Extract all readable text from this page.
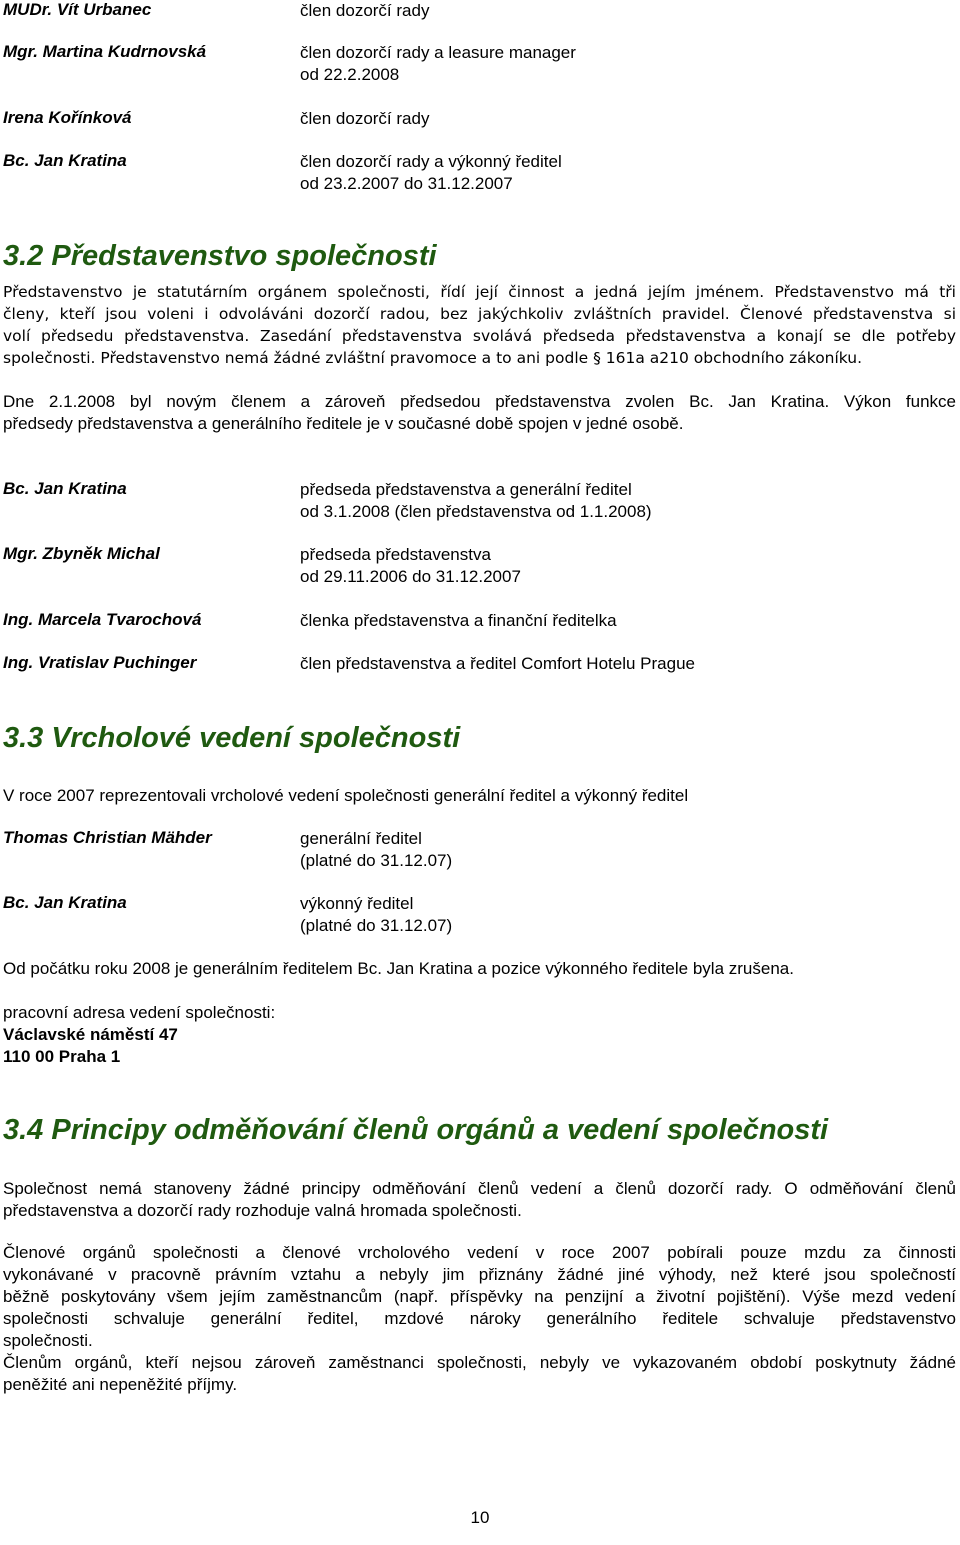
MUDr. Vít Urbanec	člen dozorčí rady
Mgr. Martina Kudrnovská	člen dozorčí rady a leasure manager
od 22.2.2008
Irena Kořínková	člen dozorčí rady
Bc. Jan Kratina	člen dozorčí rady a výkonný ředitel
od 23.2.2007 do 31.12.2007
3.2 Představenstvo společnosti
Představenstvo je statutárním orgánem společnosti, řídí její činnost a jedná jejím jménem. Představenstvo má tři
členy, kteří jsou voleni i odvoláváni dozorčí radou, bez jakýchkoliv zvláštních pravidel. Členové představenstva si
volí předsedu představenstva. Zasedání představenstva svolává předseda představenstva a konají se dle potřeby
společnosti. Představenstvo nemá žádné zvláštní pravomoce a to ani podle § 161a a210 obchodního zákoníku.
Dne 2.1.2008 byl novým členem a zároveň předsedou představenstva zvolen Bc. Jan Kratina. Výkon funkce
předsedy představenstva a generálního ředitele je v současné době spojen v jedné osobě.
Bc. Jan Kratina	předseda představenstva a generální ředitel
od 3.1.2008 (člen představenstva od 1.1.2008)
Mgr. Zbyněk Michal	předseda představenstva
od 29.11.2006 do 31.12.2007
Ing. Marcela Tvarochová	členka představenstva a finanční ředitelka
Ing. Vratislav Puchinger	člen představenstva a ředitel Comfort Hotelu Prague
3.3 Vrcholové vedení společnosti
V roce 2007 reprezentovali vrcholové vedení společnosti generální ředitel a výkonný ředitel
Thomas Christian Mähder	generální ředitel
(platné do 31.12.07)
Bc. Jan Kratina	výkonný ředitel
(platné do 31.12.07)
Od počátku roku 2008 je generálním ředitelem Bc. Jan Kratina a pozice výkonného ředitele byla zrušena.
pracovní adresa vedení společnosti:
Václavské náměstí 47
110 00 Praha 1
3.4 Principy odměňování členů orgánů a vedení společnosti
Společnost nemá stanoveny žádné principy odměňování členů vedení a členů dozorčí rady. O odměňování členů
představenstva a dozorčí rady rozhoduje valná hromada společnosti.
Členové orgánů společnosti a členové vrcholového vedení v roce 2007 pobírali pouze mzdu za činnosti
vykonávané v pracovně právním vztahu a nebyly jim přiznány žádné jiné výhody, než které jsou společností
běžně poskytovány všem jejím zaměstnancům (např. příspěvky na penzijní a životní pojištění). Výše mezd vedení
společnosti schvaluje generální ředitel, mzdové nároky generálního ředitele schvaluje představenstvo
společnosti.
Členům orgánů, kteří nejsou zároveň zaměstnanci společnosti, nebyly ve vykazovaném období poskytnuty žádné
peněžité ani nepeněžité příjmy.
10
